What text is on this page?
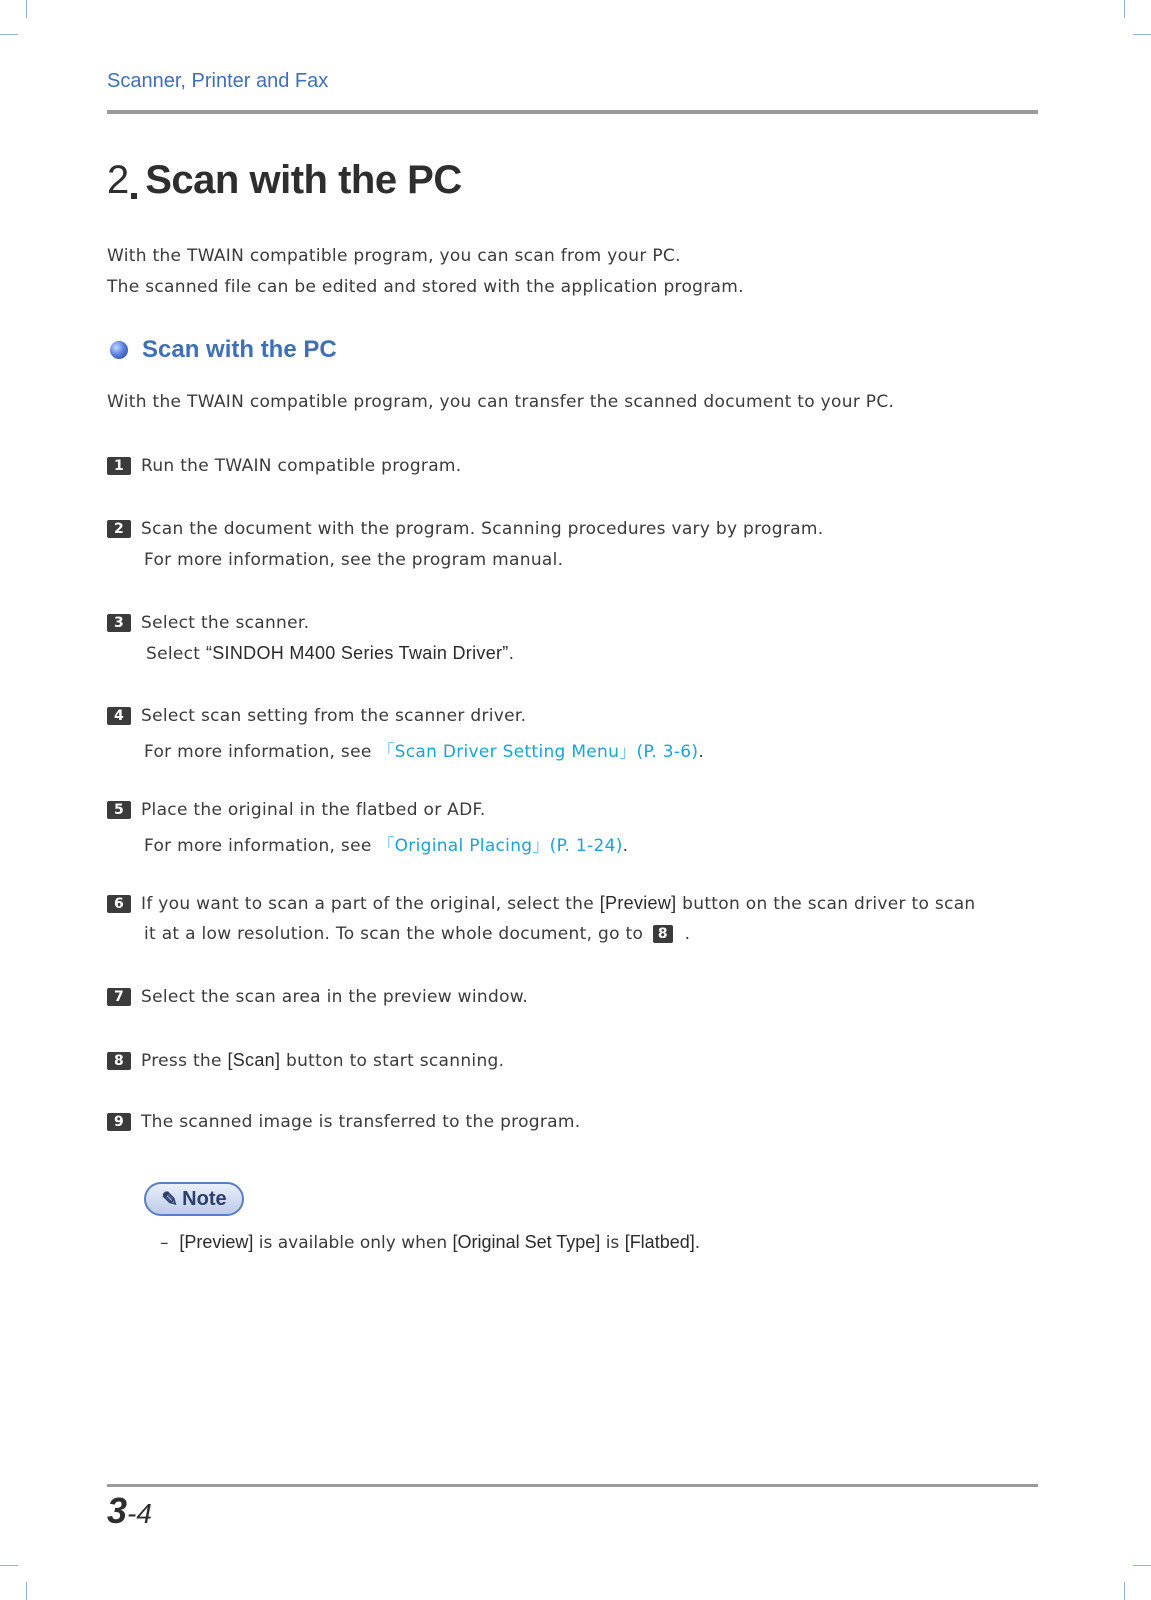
Scanner, Printer and Fax
2 Scan with the PC
With the TWAIN compatible program, you can scan from your PC.
The scanned file can be edited and stored with the application program.
Scan with the PC
With the TWAIN compatible program, you can transfer the scanned document to your PC.
1 Run the TWAIN compatible program.
2 Scan the document with the program. Scanning procedures vary by program.
For more information, see the program manual.
3 Select the scanner.
Select “SINDOH M400 Series Twain Driver”.
4 Select scan setting from the scanner driver.
For more information, see 「Scan Driver Setting Menu」(P. 3-6).
5 Place the original in the flatbed or ADF.
For more information, see 「Original Placing」(P. 1-24).
6 If you want to scan a part of the original, select the [Preview] button on the scan driver to scan
it at a low resolution. To scan the whole document, go to 8 .
7 Select the scan area in the preview window.
8 Press the [Scan] button to start scanning.
9 The scanned image is transferred to the program.
✎ Note
– [Preview] is available only when [Original Set Type] is [Flatbed].
3-4
